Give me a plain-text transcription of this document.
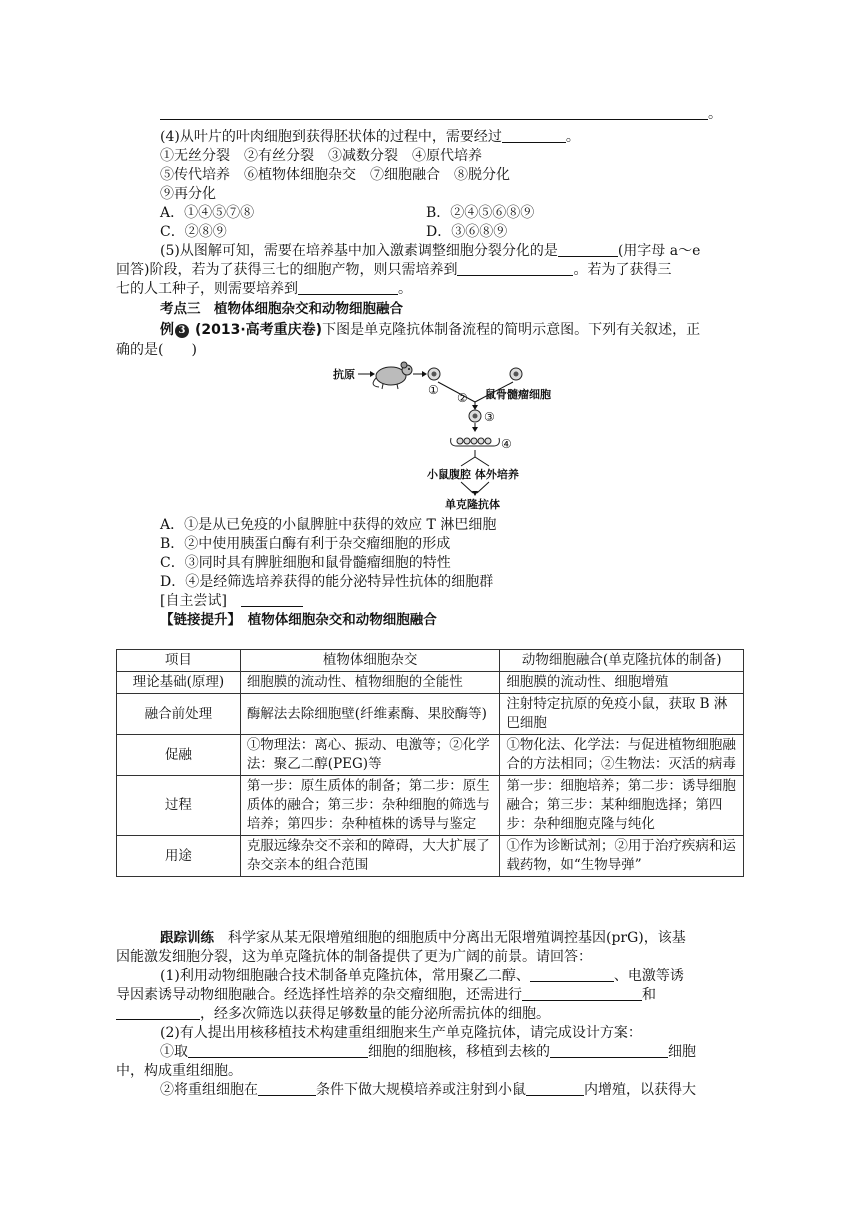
。
(4)从叶片的叶肉细胞到获得胚状体的过程中，需要经过	。
①无丝分裂　②有丝分裂　③减数分裂　④原代培养
⑤传代培养　⑥植物体细胞杂交　⑦细胞融合　⑧脱分化
⑨再分化
A．①④⑤⑦⑧	B．②④⑤⑥⑧⑨
C．②⑧⑨	D．③⑥⑧⑨
(5)从图解可知，需要在培养基中加入激素调整细胞分裂分化的是	(用字母 a～e
回答)阶段，若为了获得三七的细胞产物，则只需培养到	。若为了获得三
七的人工种子，则需要培养到	。
考点三　植物体细胞杂交和动物细胞融合
例 3 (2013·高考重庆卷)下图是单克隆抗体制备流程的简明示意图。下列有关叙述，正
确的是(　　)
抗原
①
② 鼠骨髓瘤细胞
③
④
小鼠腹腔 体外培养
单克隆抗体
A．①是从已免疫的小鼠脾脏中获得的效应 T 淋巴细胞
B．②中使用胰蛋白酶有利于杂交瘤细胞的形成
C．③同时具有脾脏细胞和鼠骨髓瘤细胞的特性
D．④是经筛选培养获得的能分泌特异性抗体的细胞群
[自主尝试]　
【链接提升】　 植物体细胞杂交和动物细胞融合
项目	植物体细胞杂交	动物细胞融合(单克隆抗体的制备)
理论基础(原理)	细胞膜的流动性、植物细胞的全能性	细胞膜的流动性、细胞增殖
融合前处理	酶解法去除细胞壁(纤维素酶、果胶酶等)	注射特定抗原的免疫小鼠，获取 B 淋巴细胞
促融	①物理法：离心、振动、电激等；②化学法：聚乙二醇(PEG)等	①物化法、化学法：与促进植物细胞融合的方法相同；②生物法：灭活的病毒
过程	第一步：原生质体的制备；第二步：原生质体的融合；第三步：杂种细胞的筛选与培养；第四步：杂种植株的诱导与鉴定	第一步：细胞培养；第二步：诱导细胞融合；第三步：某种细胞选择；第四步：杂种细胞克隆与纯化
用途	克服远缘杂交不亲和的障碍，大大扩展了杂交亲本的组合范围	①作为诊断试剂；②用于治疗疾病和运载药物，如“生物导弹”
跟踪训练　科学家从某无限增殖细胞的细胞质中分离出无限增殖调控基因(prG)，该基
因能激发细胞分裂，这为单克隆抗体的制备提供了更为广阔的前景。请回答：
(1)利用动物细胞融合技术制备单克隆抗体，常用聚乙二醇、	、电激等诱
导因素诱导动物细胞融合。经选择性培养的杂交瘤细胞，还需进行	和
，经多次筛选以获得足够数量的能分泌所需抗体的细胞。
(2)有人提出用核移植技术构建重组细胞来生产单克隆抗体，请完成设计方案：
①取	细胞的细胞核，移植到去核的	细胞
中，构成重组细胞。
②将重组细胞在	条件下做大规模培养或注射到小鼠	内增殖，以获得大
